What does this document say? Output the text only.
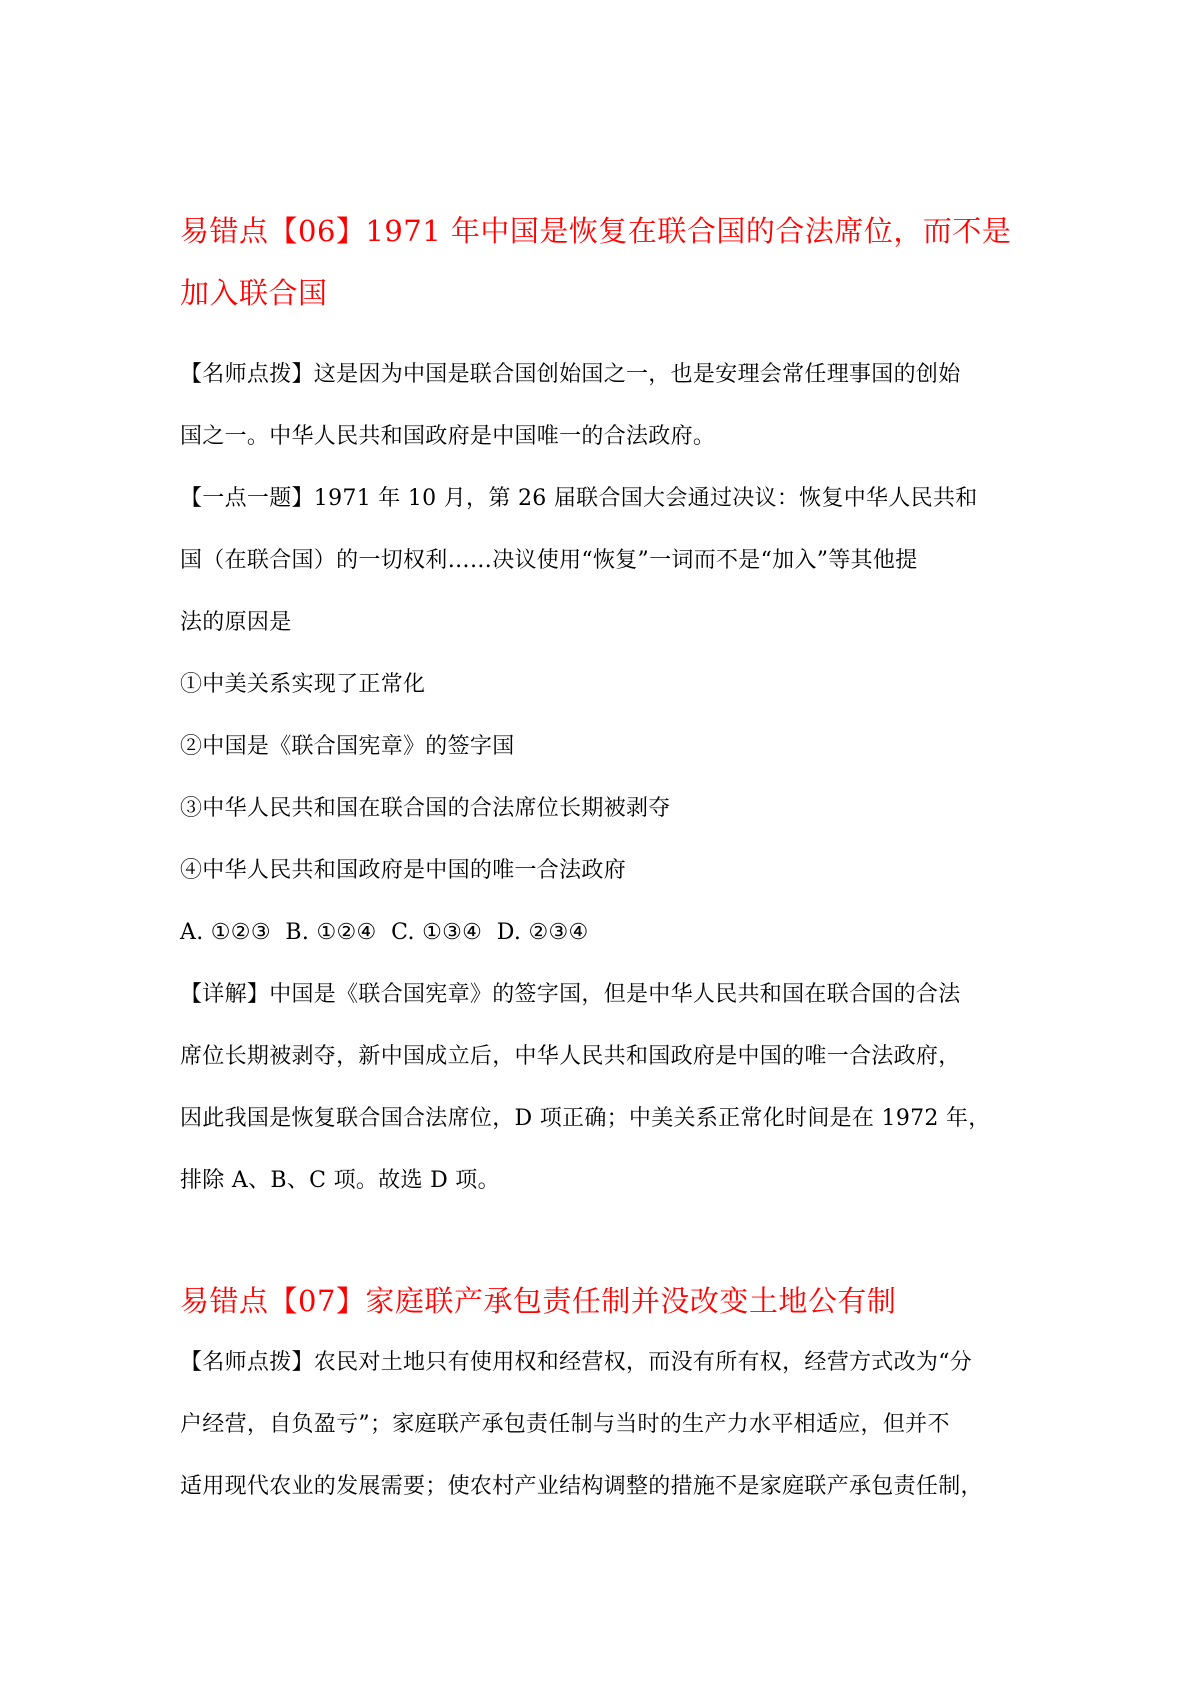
易错点【06】1971 年中国是恢复在联合国的合法席位，而不是
加入联合国

【名师点拨】这是因为中国是联合国创始国之一，也是安理会常任理事国的创始
国之一。中华人民共和国政府是中国唯一的合法政府。

【一点一题】1971 年 10 月，第 26 届联合国大会通过决议：恢复中华人民共和
国（在联合国）的一切权利……决议使用“恢复”一词而不是“加入”等其他提
法的原因是

①中美关系实现了正常化
②中国是《联合国宪章》的签字国
③中华人民共和国在联合国的合法席位长期被剥夺
④中华人民共和国政府是中国的唯一合法政府

A. ①②③  B. ①②④  C. ①③④  D. ②③④

【详解】中国是《联合国宪章》的签字国，但是中华人民共和国在联合国的合法
席位长期被剥夺，新中国成立后，中华人民共和国政府是中国的唯一合法政府，
因此我国是恢复联合国合法席位，D 项正确；中美关系正常化时间是在 1972 年，
排除 A、B、C 项。故选 D 项。

易错点【07】家庭联产承包责任制并没改变土地公有制

【名师点拨】农民对土地只有使用权和经营权，而没有所有权，经营方式改为“分
户经营，自负盈亏”；家庭联产承包责任制与当时的生产力水平相适应，但并不
适用现代农业的发展需要；使农村产业结构调整的措施不是家庭联产承包责任制，
